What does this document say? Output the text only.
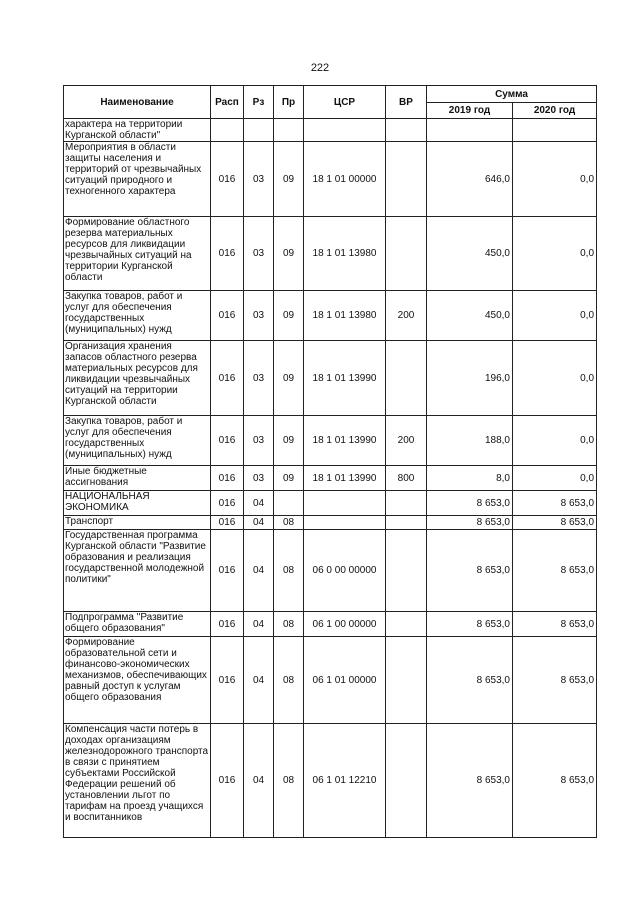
222
Наименование	Расп	Рз	Пр	ЦСР	ВР	Сумма	
						2019 год	2020 год
характера на территории Курганской области"							
Мероприятия в области защиты населения и территорий от чрезвычайных ситуаций природного и техногенного характера	016	03	09	18 1 01 00000		646,0	0,0
Формирование областного резерва материальных ресурсов для ликвидации чрезвычайных ситуаций на территории Курганской области	016	03	09	18 1 01 13980		450,0	0,0
Закупка товаров, работ и услуг для обеспечения государственных (муниципальных) нужд	016	03	09	18 1 01 13980	200	450,0	0,0
Организация хранения запасов областного резерва материальных ресурсов для ликвидации чрезвычайных ситуаций на территории Курганской области	016	03	09	18 1 01 13990		196,0	0,0
Закупка товаров, работ и услуг для обеспечения государственных (муниципальных) нужд	016	03	09	18 1 01 13990	200	188,0	0,0
Иные бюджетные ассигнования	016	03	09	18 1 01 13990	800	8,0	0,0
НАЦИОНАЛЬНАЯ ЭКОНОМИКА	016	04				8 653,0	8 653,0
Транспорт	016	04	08			8 653,0	8 653,0
Государственная программа Курганской области "Развитие образования и реализация государственной молодежной политики"	016	04	08	06 0 00 00000		8 653,0	8 653,0
Подпрограмма "Развитие общего образования"	016	04	08	06 1 00 00000		8 653,0	8 653,0
Формирование образовательной сети и финансово-экономических механизмов, обеспечивающих равный доступ к услугам общего образования	016	04	08	06 1 01 00000		8 653,0	8 653,0
Компенсация части потерь в доходах организациям железнодорожного транспорта в связи с принятием субъектами Российской Федерации решений об установлении льгот по тарифам на проезд учащихся и воспитанников	016	04	08	06 1 01 12210		8 653,0	8 653,0
